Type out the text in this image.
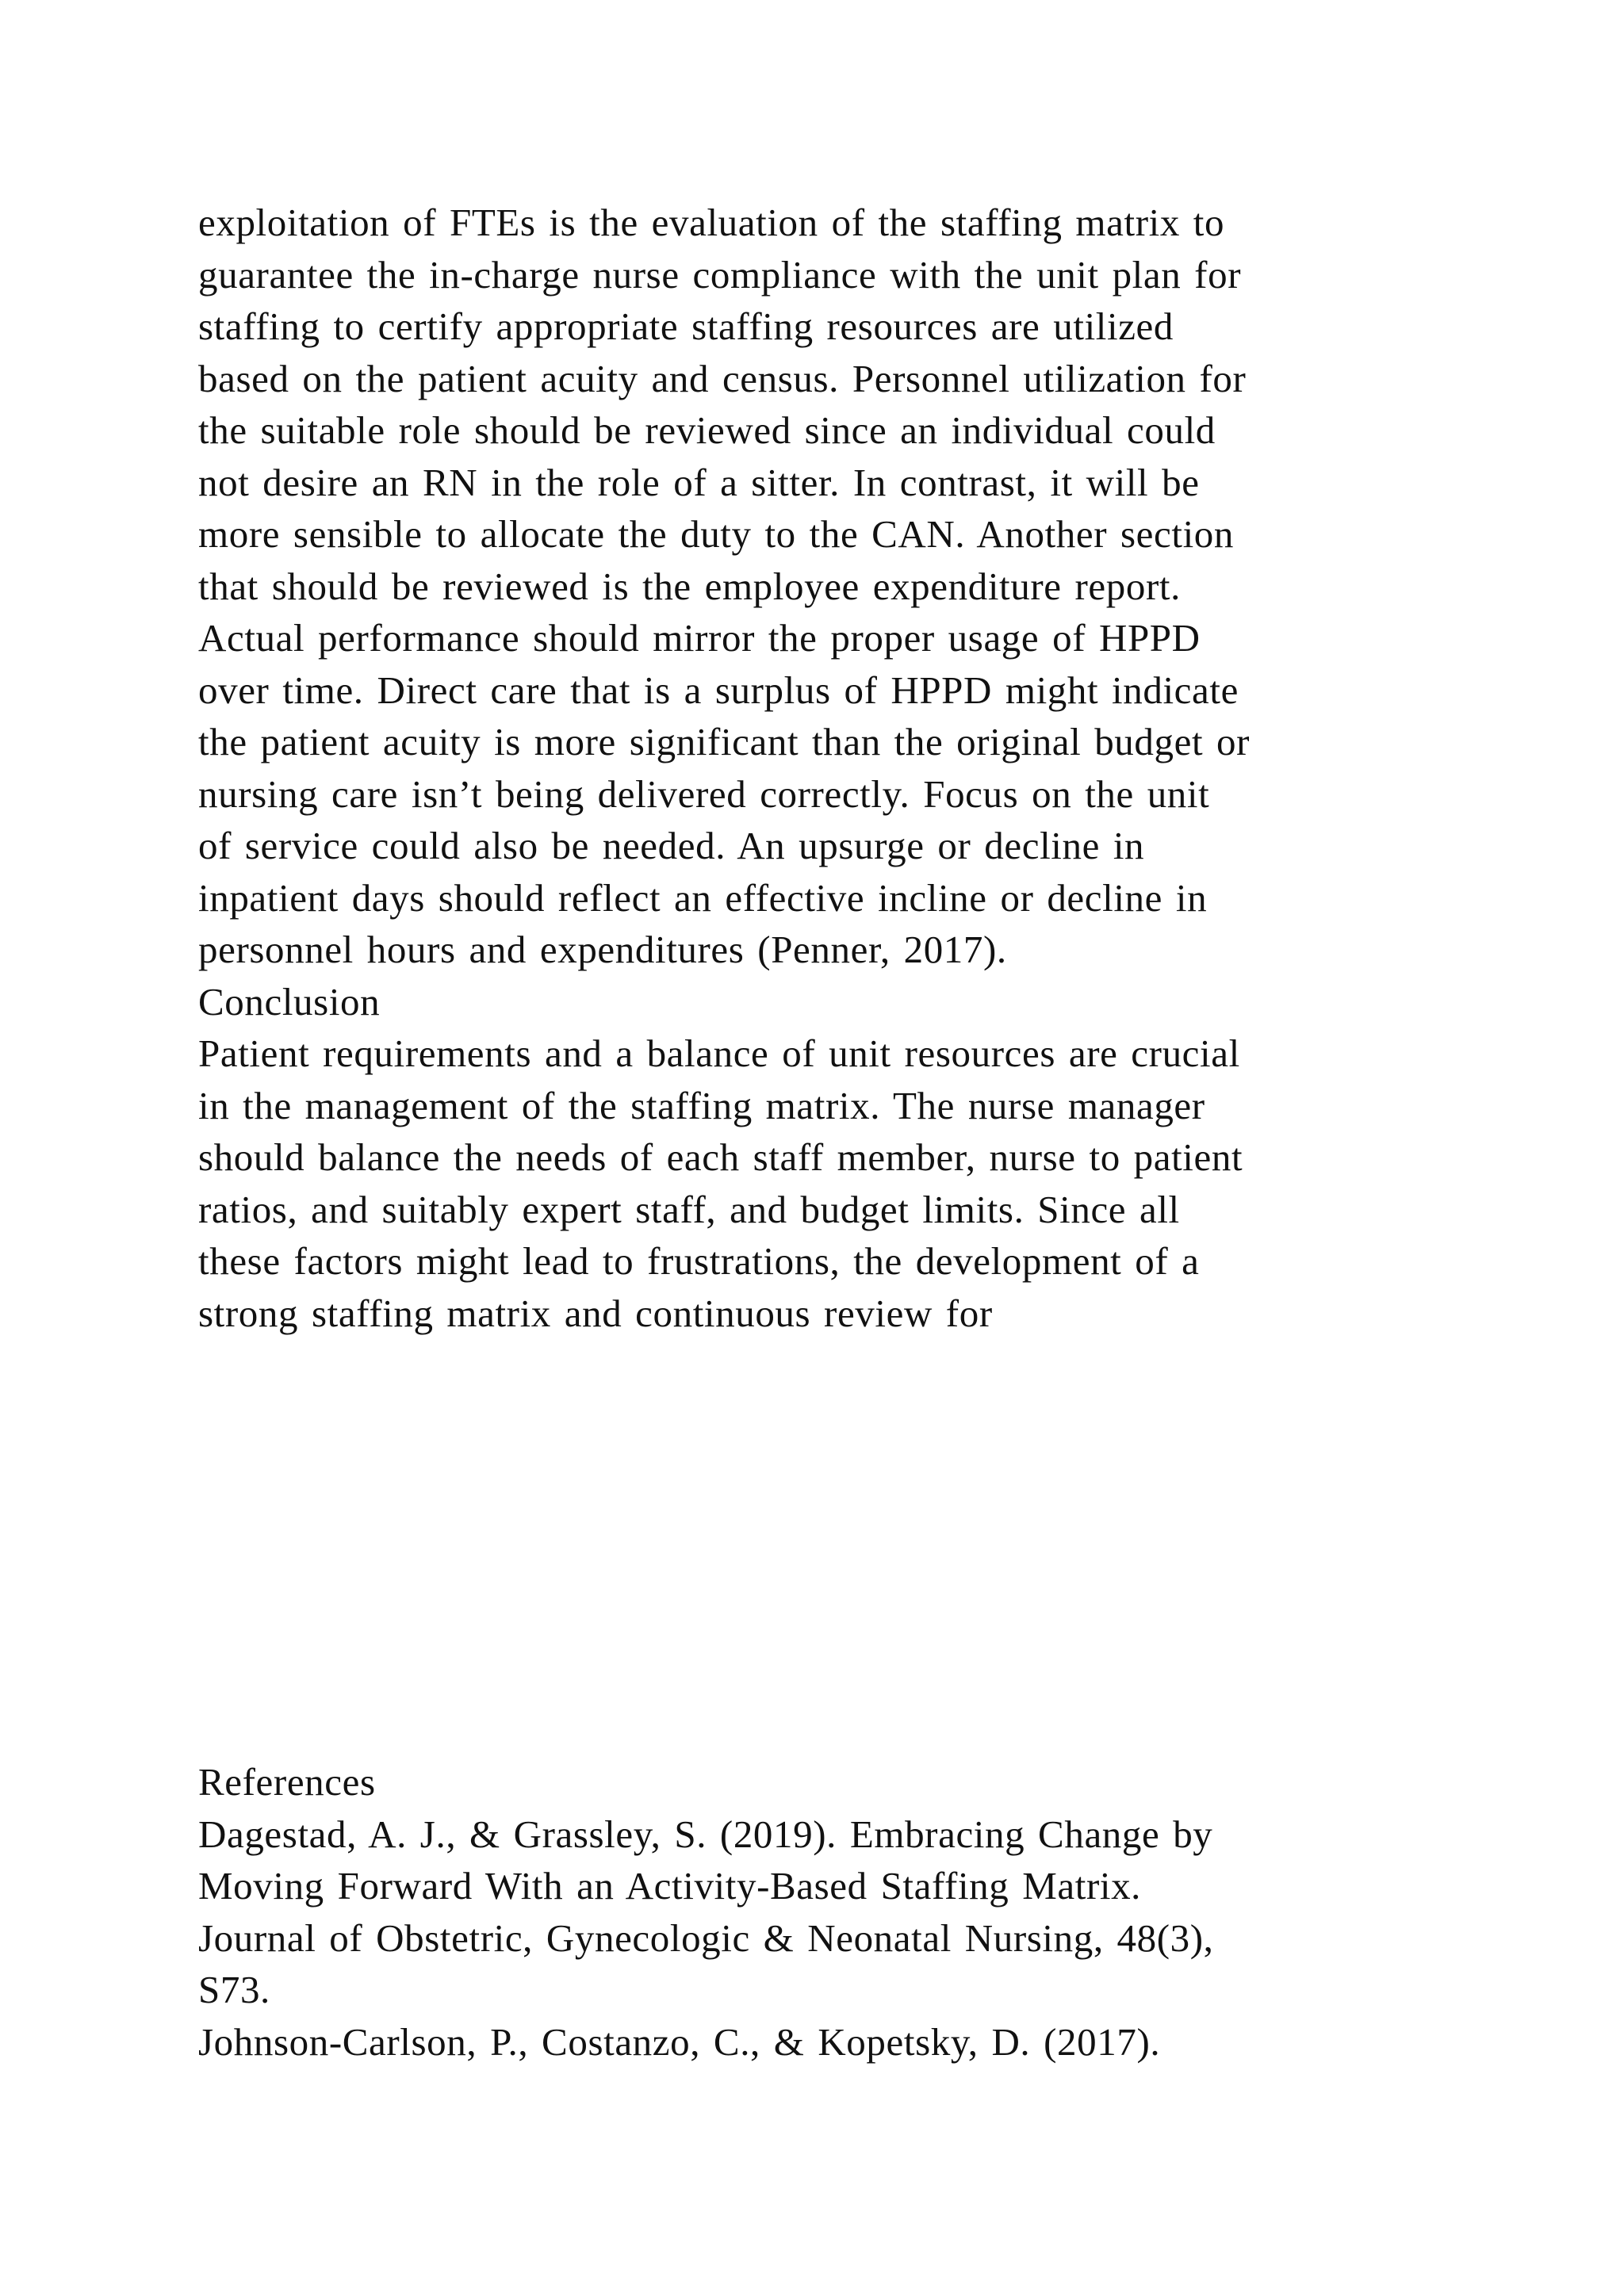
exploitation of FTEs is the evaluation of the staffing matrix to
guarantee the in-charge nurse compliance with the unit plan for
staffing to certify appropriate staffing resources are utilized
based on the patient acuity and census. Personnel utilization for
the suitable role should be reviewed since an individual could
not desire an RN in the role of a sitter. In contrast, it will be
more sensible to allocate the duty to the CAN. Another section
that should be reviewed is the employee expenditure report.
Actual performance should mirror the proper usage of HPPD
over time. Direct care that is a surplus of HPPD might indicate
the patient acuity is more significant than the original budget or
nursing care isn’t being delivered correctly. Focus on the unit
of service could also be needed. An upsurge or decline in
inpatient days should reflect an effective incline or decline in
personnel hours and expenditures (Penner, 2017).
Conclusion
Patient requirements and a balance of unit resources are crucial
in the management of the staffing matrix. The nurse manager
should balance the needs of each staff member, nurse to patient
ratios, and suitably expert staff, and budget limits. Since all
these factors might lead to frustrations, the development of a
strong staffing matrix and continuous review for
References
Dagestad, A. J., & Grassley, S. (2019). Embracing Change by
Moving Forward With an Activity-Based Staffing Matrix.
Journal of Obstetric, Gynecologic & Neonatal Nursing, 48(3),
S73.
Johnson-Carlson, P., Costanzo, C., & Kopetsky, D. (2017).
